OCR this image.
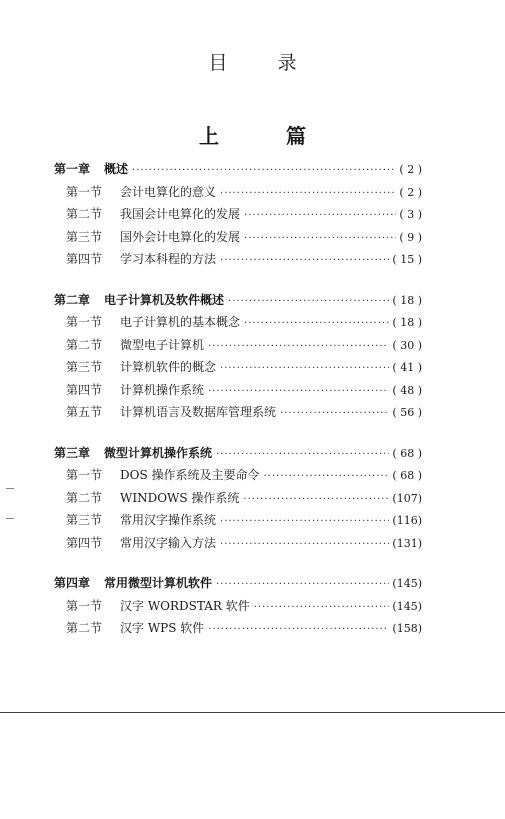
目 录
上 篇
第一章	概述 ·····	( 2 )
第一节	会计电算化的意义 ·····	( 2 )
第二节	我国会计电算化的发展 ·····	( 3 )
第三节	国外会计电算化的发展 ·····	( 9 )
第四节	学习本科程的方法 ·····	( 15 )
第二章	电子计算机及软件概述 ·····	( 18 )
第一节	电子计算机的基本概念 ·····	( 18 )
第二节	微型电子计算机 ·····	( 30 )
第三节	计算机软件的概念 ·····	( 41 )
第四节	计算机操作系统 ·····	( 48 )
第五节	计算机语言及数据库管理系统 ·····	( 56 )
第三章	微型计算机操作系统 ·····	( 68 )
第一节	DOS 操作系统及主要命令 ·····	( 68 )
第二节	WINDOWS 操作系统 ·····	(107)
第三节	常用汉字操作系统 ·····	(116)
第四节	常用汉字输入方法 ·····	(131)
第四章	常用微型计算机软件 ·····	(145)
第一节	汉字 WORDSTAR 软件 ·····	(145)
第二节	汉字 WPS 软件 ·····	(158)
